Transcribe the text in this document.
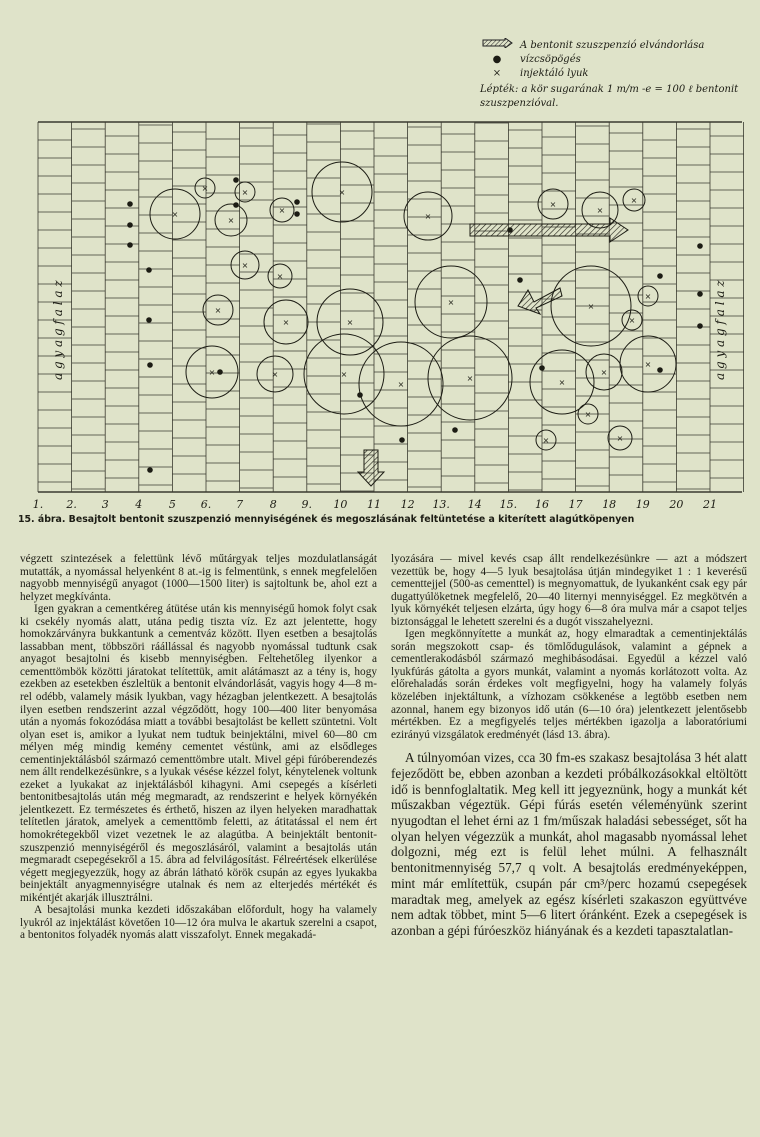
A bentonit szuszpenzió elvándorlása
●	vízcsöpögés
×	injektáló lyuk
Lépték: a kör sugarának 1 m/m -e = 100 ℓ bentonit szuszpenzióval.
×	×
×
×
×
×
×
×
×
×
×
×
×
×	×
×	×
×
×
×	×	×
×
×	×
×
×
×
×
×
a g y a g f a l a z	a g y a g f a l a z
1. 2. 3 4 5 6. 7 8 9. 10 11 12 13. 14 15. 16 17 18 19 20 21
15. ábra. Besajtolt bentonit szuszpenzió mennyiségének és megoszlásának feltüntetése a kiterített alagútköpenyen

végzett szintezések a felettünk lévő műtárgyak teljes mozdulatlanságát mutatták, a nyomással helyenként 8 at.-ig is felmentünk, s ennek megfelelően nagyobb mennyiségű anyagot (1000—1500 liter) is sajtoltunk be, ahol ezt a helyzet megkívánta.

Igen gyakran a cementkéreg átütése után kis mennyiségű homok folyt csak ki csekély nyomás alatt, utána pedig tiszta víz. Ez azt jelentette, hogy homokzárványra bukkantunk a cementváz között. Ilyen esetben a besajtolás lassabban ment, többszöri ráállással és nagyobb nyomással tudtunk csak anyagot besajtolni és kisebb mennyiségben. Feltehetőleg ilyenkor a cementtömbök közötti járatokat telítettük, amit alátámaszt az a tény is, hogy ezekben az esetekben észleltük a bentonit elvándorlását, vagyis hogy 4—8 m-rel odébb, valamely másik lyukban, vagy hézagban jelentkezett. A besajtolás ilyen esetben rendszerint azzal végződött, hogy 100—400 liter benyomása után a nyomás fokozódása miatt a további besajtolást be kellett szüntetni. Volt olyan eset is, amikor a lyukat nem tudtuk beinjektálni, mivel 60—80 cm mélyen még mindig kemény cementet véstünk, ami az elsődleges cementinjektálásból származó cementtömbre utalt. Mivel gépi fúróberendezés nem állt rendelkezésünkre, s a lyukak vésése kézzel folyt, kénytelenek voltunk ezeket a lyukakat az injektálásból kihagyni. Ami csepegés a kísérleti bentonitbesajtolás után még megmaradt, az rendszerint e helyek környékén jelentkezett. Ez természetes és érthető, hiszen az ilyen helyeken maradhattak telítetlen járatok, amelyek a cementtömb feletti, az átitatással el nem ért homokrétegekből vizet vezetnek le az alagútba. A beinjektált bentonit-szuszpenzió mennyiségéről és megoszlásáról, valamint a besajtolás után megmaradt csepegésekről a 15. ábra ad felvilágosítást. Félreértések elkerülése végett megjegyezzük, hogy az ábrán látható körök csupán az egyes lyukakba beinjektált anyagmennyiségre utalnak és nem az elterjedés mértékét és mikéntjét akarják illusztrálni.

A besajtolási munka kezdeti időszakában előfordult, hogy ha valamely lyukról az injektálást követően 10—12 óra mulva le akartuk szerelni a csapot, a bentonitos folyadék nyomás alatt visszafolyt. Ennek megakadá-

lyozására — mivel kevés csap állt rendelkezésünkre — azt a módszert vezettük be, hogy 4—5 lyuk besajtolása útján mindegyiket 1 : 1 keverésű cementtejjel (500-as cementtel) is megnyomattuk, de lyukanként csak egy pár dugattyúlöketnek megfelelő, 20—40 liternyi mennyiséggel. Ez megkötvén a lyuk környékét teljesen elzárta, úgy hogy 6—8 óra mulva már a csapot teljes biztonsággal le lehetett szerelni és a dugót visszahelyezni.

Igen megkönnyítette a munkát az, hogy elmaradtak a cementinjektálás során megszokott csap- és tömlődugulások, valamint a gépnek a cementlerakodásból származó meghibásodásai. Egyedül a kézzel való lyukfúrás gátolta a gyors munkát, valamint a nyomás korlátozott volta. Az előrehaladás során érdekes volt megfigyelni, hogy ha valamely folyás közelében injektáltunk, a vízhozam csökkenése a legtöbb esetben nem azonnal, hanem egy bizonyos idő után (6—10 óra) jelentkezett jelentősebb mértékben. Ez a megfigyelés teljes mértékben igazolja a laboratóriumi ezirányú vizsgálatok eredményét (lásd 13. ábra).

A túlnyomóan vizes, cca 30 fm-es szakasz besajtolása 3 hét alatt fejeződött be, ebben azonban a kezdeti próbálkozásokkal eltöltött idő is bennfoglaltatik. Meg kell itt jegyeznünk, hogy a munkát két műszakban végeztük. Gépi fúrás esetén véleményünk szerint nyugodtan el lehet érni az 1 fm/műszak haladási sebességet, sőt ha olyan helyen végezzük a munkát, ahol magasabb nyomással lehet dolgozni, még ezt is felül lehet múlni. A felhasznált bentonitmennyiség 57,7 q volt. A besajtolás eredményeképpen, mint már említettük, csupán pár cm³/perc hozamú csepegések maradtak meg, amelyek az egész kísérleti szakaszon együttvéve nem adtak többet, mint 5—6 litert óránként. Ezek a csepegések is azonban a gépi fúróeszköz hiányának és a kezdeti tapasztalatlan-
